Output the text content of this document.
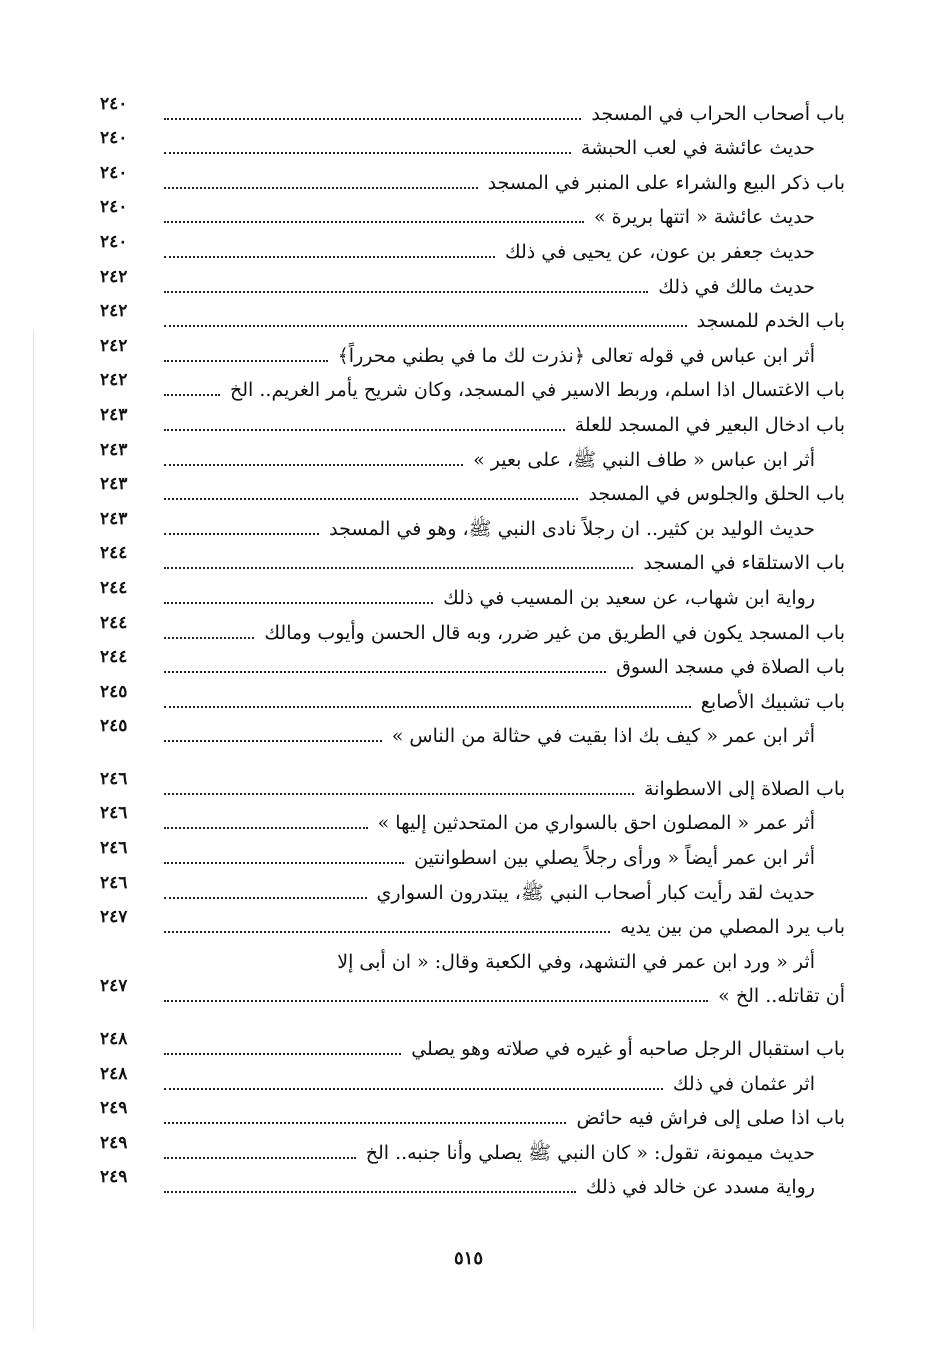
باب أصحاب الحراب في المسجد
٢٤٠
حديث عائشة في لعب الحبشة
٢٤٠
باب ذكر البيع والشراء على المنبر في المسجد
٢٤٠
حديث عائشة « اتتها بريرة »
٢٤٠
حديث جعفر بن عون، عن يحيى في ذلك
٢٤٠
حديث مالك في ذلك
٢٤٢
باب الخدم للمسجد
٢٤٢
أثر ابن عباس في قوله تعالى ﴿نذرت لك ما في بطني محرراً﴾
٢٤٢
باب الاغتسال اذا اسلم، وربط الاسير في المسجد، وكان شريح يأمر الغريم.. الخ
٢٤٢
باب ادخال البعير في المسجد للعلة
٢٤٣
أثر ابن عباس « طاف النبي ﷺ، على بعير »
٢٤٣
باب الحلق والجلوس في المسجد
٢٤٣
حديث الوليد بن كثير.. ان رجلاً نادى النبي ﷺ، وهو في المسجد
٢٤٣
باب الاستلقاء في المسجد
٢٤٤
رواية ابن شهاب، عن سعيد بن المسيب في ذلك
٢٤٤
باب المسجد يكون في الطريق من غير ضرر، وبه قال الحسن وأيوب ومالك
٢٤٤
باب الصلاة في مسجد السوق
٢٤٤
باب تشبيك الأصابع
٢٤٥
أثر ابن عمر « كيف بك اذا بقيت في حثالة من الناس »
٢٤٥
باب الصلاة إلى الاسطوانة
٢٤٦
أثر عمر « المصلون احق بالسواري من المتحدثين إليها »
٢٤٦
أثر ابن عمر أيضاً « ورأى رجلاً يصلي بين اسطوانتين
٢٤٦
حديث لقد رأيت كبار أصحاب النبي ﷺ، يبتدرون السواري
٢٤٦
باب يرد المصلي من بين يديه
٢٤٧
أثر « ورد ابن عمر في التشهد، وفي الكعبة وقال: « ان أبى إلا
أن تقاتله.. الخ »
٢٤٧
باب استقبال الرجل صاحبه أو غيره في صلاته وهو يصلي
٢٤٨
اثر عثمان في ذلك
٢٤٨
باب اذا صلى إلى فراش فيه حائض
٢٤٩
حديث ميمونة، تقول: « كان النبي ﷺ يصلي وأنا جنبه.. الخ
٢٤٩
رواية مسدد عن خالد في ذلك
٢٤٩
٥١٥
